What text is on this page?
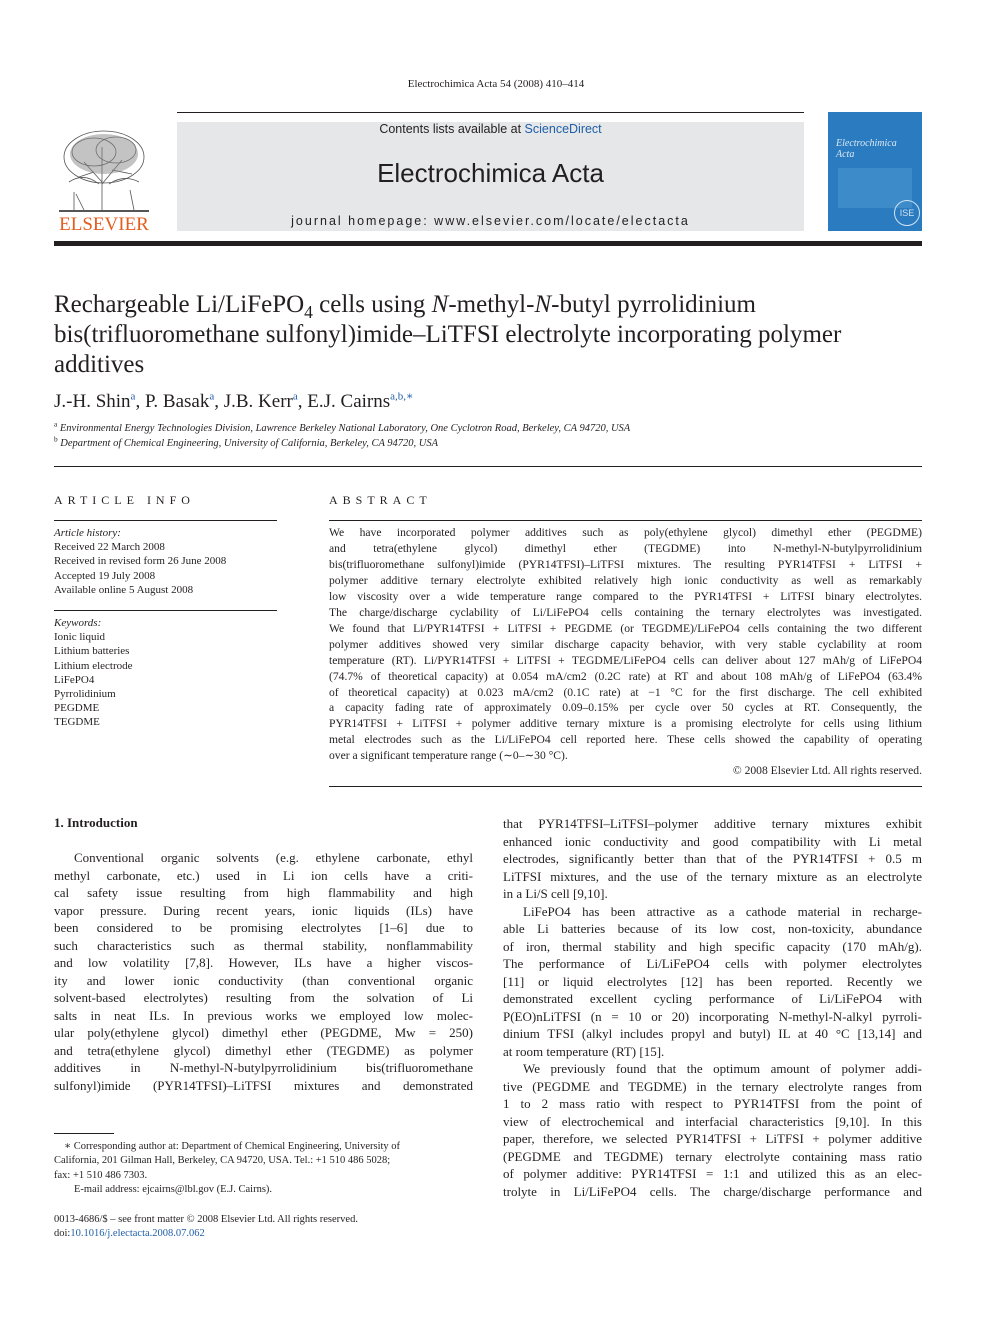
Electrochimica Acta 54 (2008) 410–414
ELSEVIER
Contents lists available at ScienceDirect
Electrochimica Acta
journal homepage: www.elsevier.com/locate/electacta
Electrochimica Acta
ISE
Rechargeable Li/LiFePO$_4$ cells using N-methyl-N-butyl pyrrolidinium
bis(trifluoromethane sulfonyl)imide–LiTFSI electrolyte incorporating polymer
additives
J.-H. Shin$^a$, P. Basak$^a$, J.B. Kerr$^a$, E.J. Cairns$^{a,b,∗}$
$^a$ Environmental Energy Technologies Division, Lawrence Berkeley National Laboratory, One Cyclotron Road, Berkeley, CA 94720, USA
$^b$ Department of Chemical Engineering, University of California, Berkeley, CA 94720, USA
ARTICLE INFO
Article history:
Received 22 March 2008
Received in revised form 26 June 2008
Accepted 19 July 2008
Available online 5 August 2008
Keywords:
Ionic liquid
Lithium batteries
Lithium electrode
LiFePO4
Pyrrolidinium
PEGDME
TEGDME
ABSTRACT
We have incorporated polymer additives such as poly(ethylene glycol) dimethyl ether (PEGDME)
and tetra(ethylene glycol) dimethyl ether (TEGDME) into N-methyl-N-butylpyrrolidinium
bis(trifluoromethane sulfonyl)imide (PYR14TFSI)–LiTFSI mixtures. The resulting PYR14TFSI + LiTFSI +
polymer additive ternary electrolyte exhibited relatively high ionic conductivity as well as remarkably
low viscosity over a wide temperature range compared to the PYR14TFSI + LiTFSI binary electrolytes.
The charge/discharge cyclability of Li/LiFePO4 cells containing the ternary electrolytes was investigated.
We found that Li/PYR14TFSI + LiTFSI + PEGDME (or TEGDME)/LiFePO4 cells containing the two different
polymer additives showed very similar discharge capacity behavior, with very stable cyclability at room
temperature (RT). Li/PYR14TFSI + LiTFSI + TEGDME/LiFePO4 cells can deliver about 127 mAh/g of LiFePO4
(74.7% of theoretical capacity) at 0.054 mA/cm2 (0.2C rate) at RT and about 108 mAh/g of LiFePO4 (63.4%
of theoretical capacity) at 0.023 mA/cm2 (0.1C rate) at −1 °C for the first discharge. The cell exhibited
a capacity fading rate of approximately 0.09–0.15% per cycle over 50 cycles at RT. Consequently, the
PYR14TFSI + LiTFSI + polymer additive ternary mixture is a promising electrolyte for cells using lithium
metal electrodes such as the Li/LiFePO4 cell reported here. These cells showed the capability of operating
over a significant temperature range (∼0–∼30 °C).
© 2008 Elsevier Ltd. All rights reserved.
1. Introduction
Conventional organic solvents (e.g. ethylene carbonate, ethyl
methyl carbonate, etc.) used in Li ion cells have a criti-
cal safety issue resulting from high flammability and high
vapor pressure. During recent years, ionic liquids (ILs) have
been considered to be promising electrolytes [1–6] due to
such characteristics such as thermal stability, nonflammability
and low volatility [7,8]. However, ILs have a higher viscos-
ity and lower ionic conductivity (than conventional organic
solvent-based electrolytes) resulting from the solvation of Li
salts in neat ILs. In previous works we employed low molec-
ular poly(ethylene glycol) dimethyl ether (PEGDME, Mw = 250)
and tetra(ethylene glycol) dimethyl ether (TEGDME) as polymer
additives in N-methyl-N-butylpyrrolidinium bis(trifluoromethane
sulfonyl)imide (PYR14TFSI)–LiTFSI mixtures and demonstrated
∗ Corresponding author at: Department of Chemical Engineering, University of
California, 201 Gilman Hall, Berkeley, CA 94720, USA. Tel.: +1 510 486 5028;
fax: +1 510 486 7303.
E-mail address: ejcairns@lbl.gov (E.J. Cairns).
0013-4686/$ – see front matter © 2008 Elsevier Ltd. All rights reserved.
doi:10.1016/j.electacta.2008.07.062
that PYR14TFSI–LiTFSI–polymer additive ternary mixtures exhibit
enhanced ionic conductivity and good compatibility with Li metal
electrodes, significantly better than that of the PYR14TFSI + 0.5 m
LiTFSI mixtures, and the use of the ternary mixture as an electrolyte
in a Li/S cell [9,10].
LiFePO4 has been attractive as a cathode material in recharge-
able Li batteries because of its low cost, non-toxicity, abundance
of iron, thermal stability and high specific capacity (170 mAh/g).
The performance of Li/LiFePO4 cells with polymer electrolytes
[11] or liquid electrolytes [12] has been reported. Recently we
demonstrated excellent cycling performance of Li/LiFePO4 with
P(EO)nLiTFSI (n = 10 or 20) incorporating N-methyl-N-alkyl pyrroli-
dinium TFSI (alkyl includes propyl and butyl) IL at 40 °C [13,14] and
at room temperature (RT) [15].
We previously found that the optimum amount of polymer addi-
tive (PEGDME and TEGDME) in the ternary electrolyte ranges from
1 to 2 mass ratio with respect to PYR14TFSI from the point of
view of electrochemical and interfacial characteristics [9,10]. In this
paper, therefore, we selected PYR14TFSI + LiTFSI + polymer additive
(PEGDME and TEGDME) ternary electrolyte containing mass ratio
of polymer additive: PYR14TFSI = 1:1 and utilized this as an elec-
trolyte in Li/LiFePO4 cells. The charge/discharge performance and
